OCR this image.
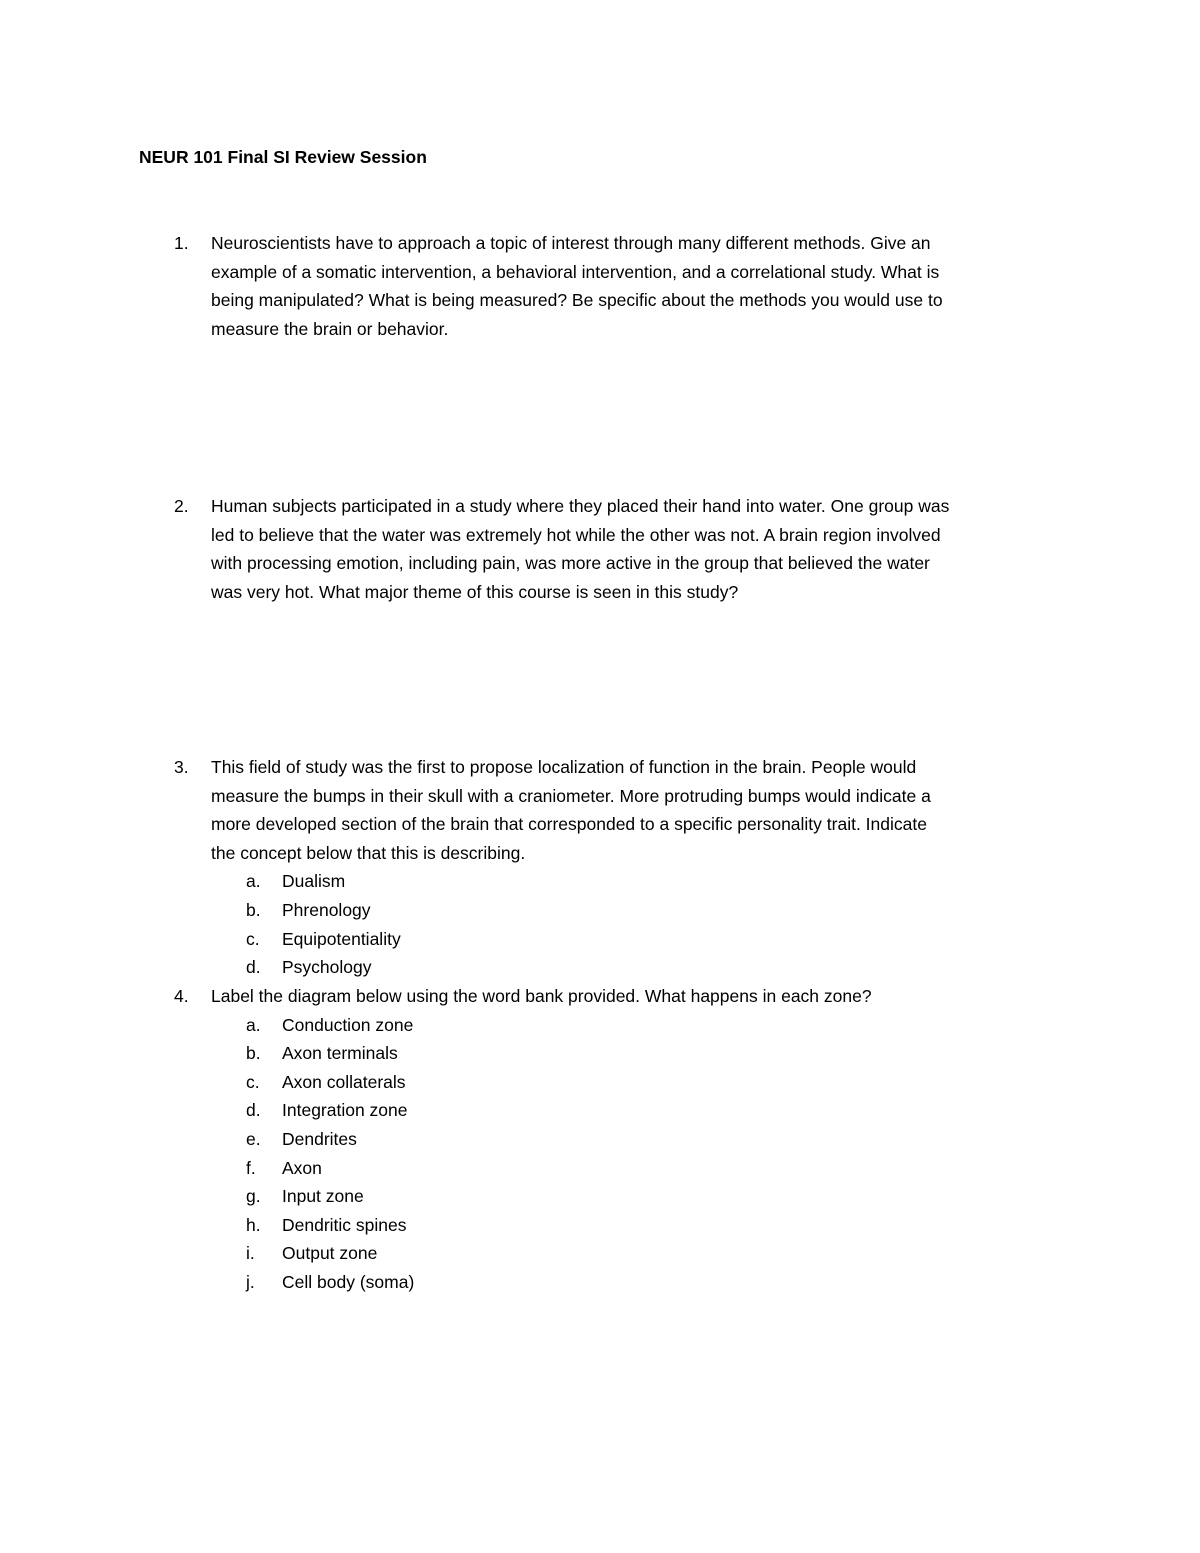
NEUR 101 Final SI Review Session
1. Neuroscientists have to approach a topic of interest through many different methods. Give an
example of a somatic intervention, a behavioral intervention, and a correlational study. What is
being manipulated? What is being measured? Be specific about the methods you would use to
measure the brain or behavior.
2. Human subjects participated in a study where they placed their hand into water. One group was
led to believe that the water was extremely hot while the other was not. A brain region involved
with processing emotion, including pain, was more active in the group that believed the water
was very hot. What major theme of this course is seen in this study?
3. This field of study was the first to propose localization of function in the brain. People would
measure the bumps in their skull with a craniometer. More protruding bumps would indicate a
more developed section of the brain that corresponded to a specific personality trait. Indicate
the concept below that this is describing.
a. Dualism
b. Phrenology
c. Equipotentiality
d. Psychology
4. Label the diagram below using the word bank provided. What happens in each zone?
a. Conduction zone
b. Axon terminals
c. Axon collaterals
d. Integration zone
e. Dendrites
f. Axon
g. Input zone
h. Dendritic spines
i. Output zone
j. Cell body (soma)
